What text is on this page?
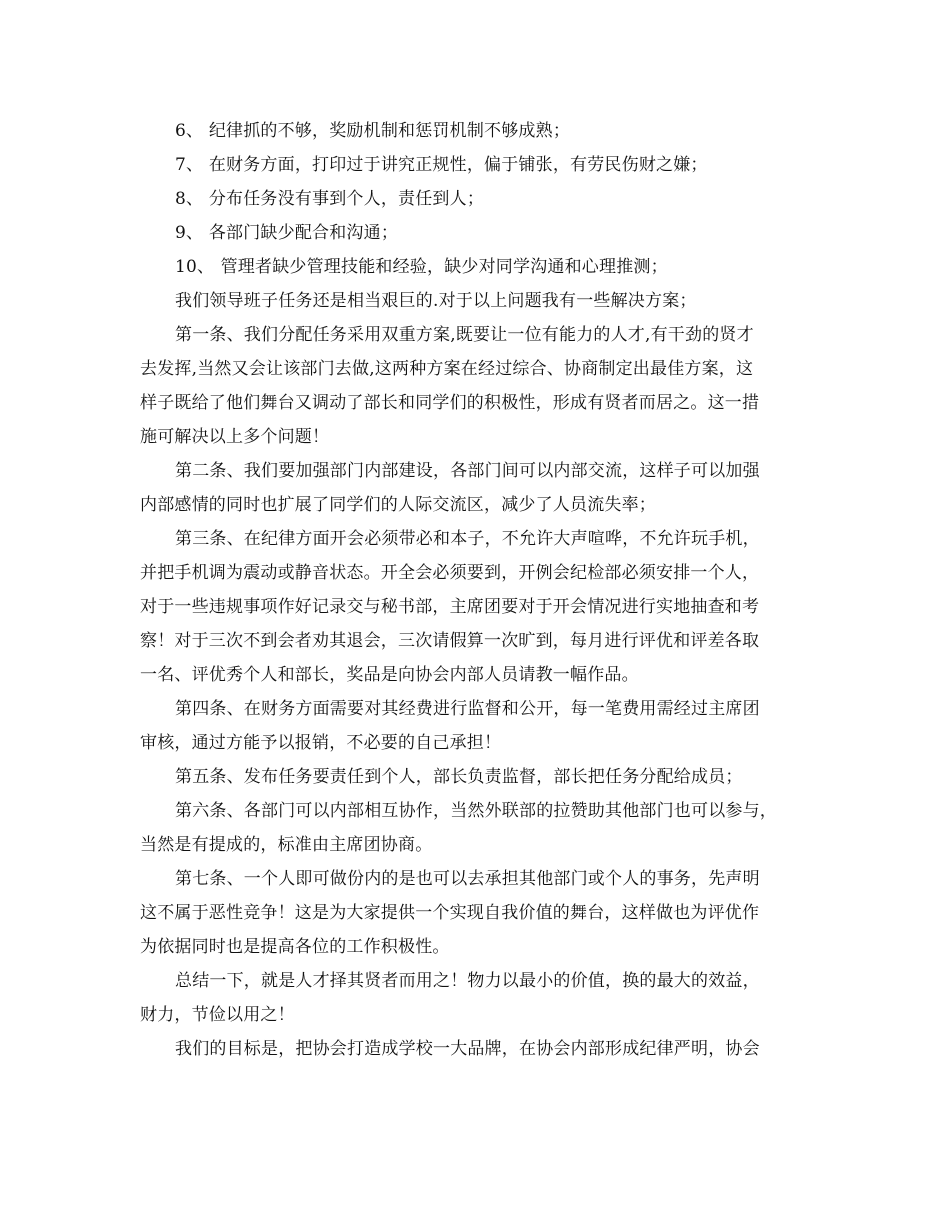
6、 纪律抓的不够，奖励机制和惩罚机制不够成熟；
7、 在财务方面，打印过于讲究正规性，偏于铺张，有劳民伤财之嫌；
8、 分布任务没有事到个人，责任到人；
9、 各部门缺少配合和沟通；
10、 管理者缺少管理技能和经验，缺少对同学沟通和心理推测；
我们领导班子任务还是相当艰巨的.对于以上问题我有一些解决方案；
第一条、我们分配任务采用双重方案,既要让一位有能力的人才,有干劲的贤才
去发挥,当然又会让该部门去做,这两种方案在经过综合、协商制定出最佳方案，这
样子既给了他们舞台又调动了部长和同学们的积极性，形成有贤者而居之。这一措
施可解决以上多个问题！
第二条、我们要加强部门内部建设，各部门间可以内部交流，这样子可以加强
内部感情的同时也扩展了同学们的人际交流区，减少了人员流失率；
第三条、在纪律方面开会必须带必和本子，不允许大声喧哗，不允许玩手机，
并把手机调为震动或静音状态。开全会必须要到，开例会纪检部必须安排一个人，
对于一些违规事项作好记录交与秘书部，主席团要对于开会情况进行实地抽查和考
察！对于三次不到会者劝其退会，三次请假算一次旷到，每月进行评优和评差各取
一名、评优秀个人和部长，奖品是向协会内部人员请教一幅作品。
第四条、在财务方面需要对其经费进行监督和公开，每一笔费用需经过主席团
审核，通过方能予以报销，不必要的自己承担！
第五条、发布任务要责任到个人，部长负责监督，部长把任务分配给成员；
第六条、各部门可以内部相互协作，当然外联部的拉赞助其他部门也可以参与，
当然是有提成的，标准由主席团协商。
第七条、一个人即可做份内的是也可以去承担其他部门或个人的事务，先声明
这不属于恶性竞争！这是为大家提供一个实现自我价值的舞台，这样做也为评优作
为依据同时也是提高各位的工作积极性。
总结一下，就是人才择其贤者而用之！物力以最小的价值，换的最大的效益，
财力，节俭以用之！
我们的目标是，把协会打造成学校一大品牌，在协会内部形成纪律严明，协会
